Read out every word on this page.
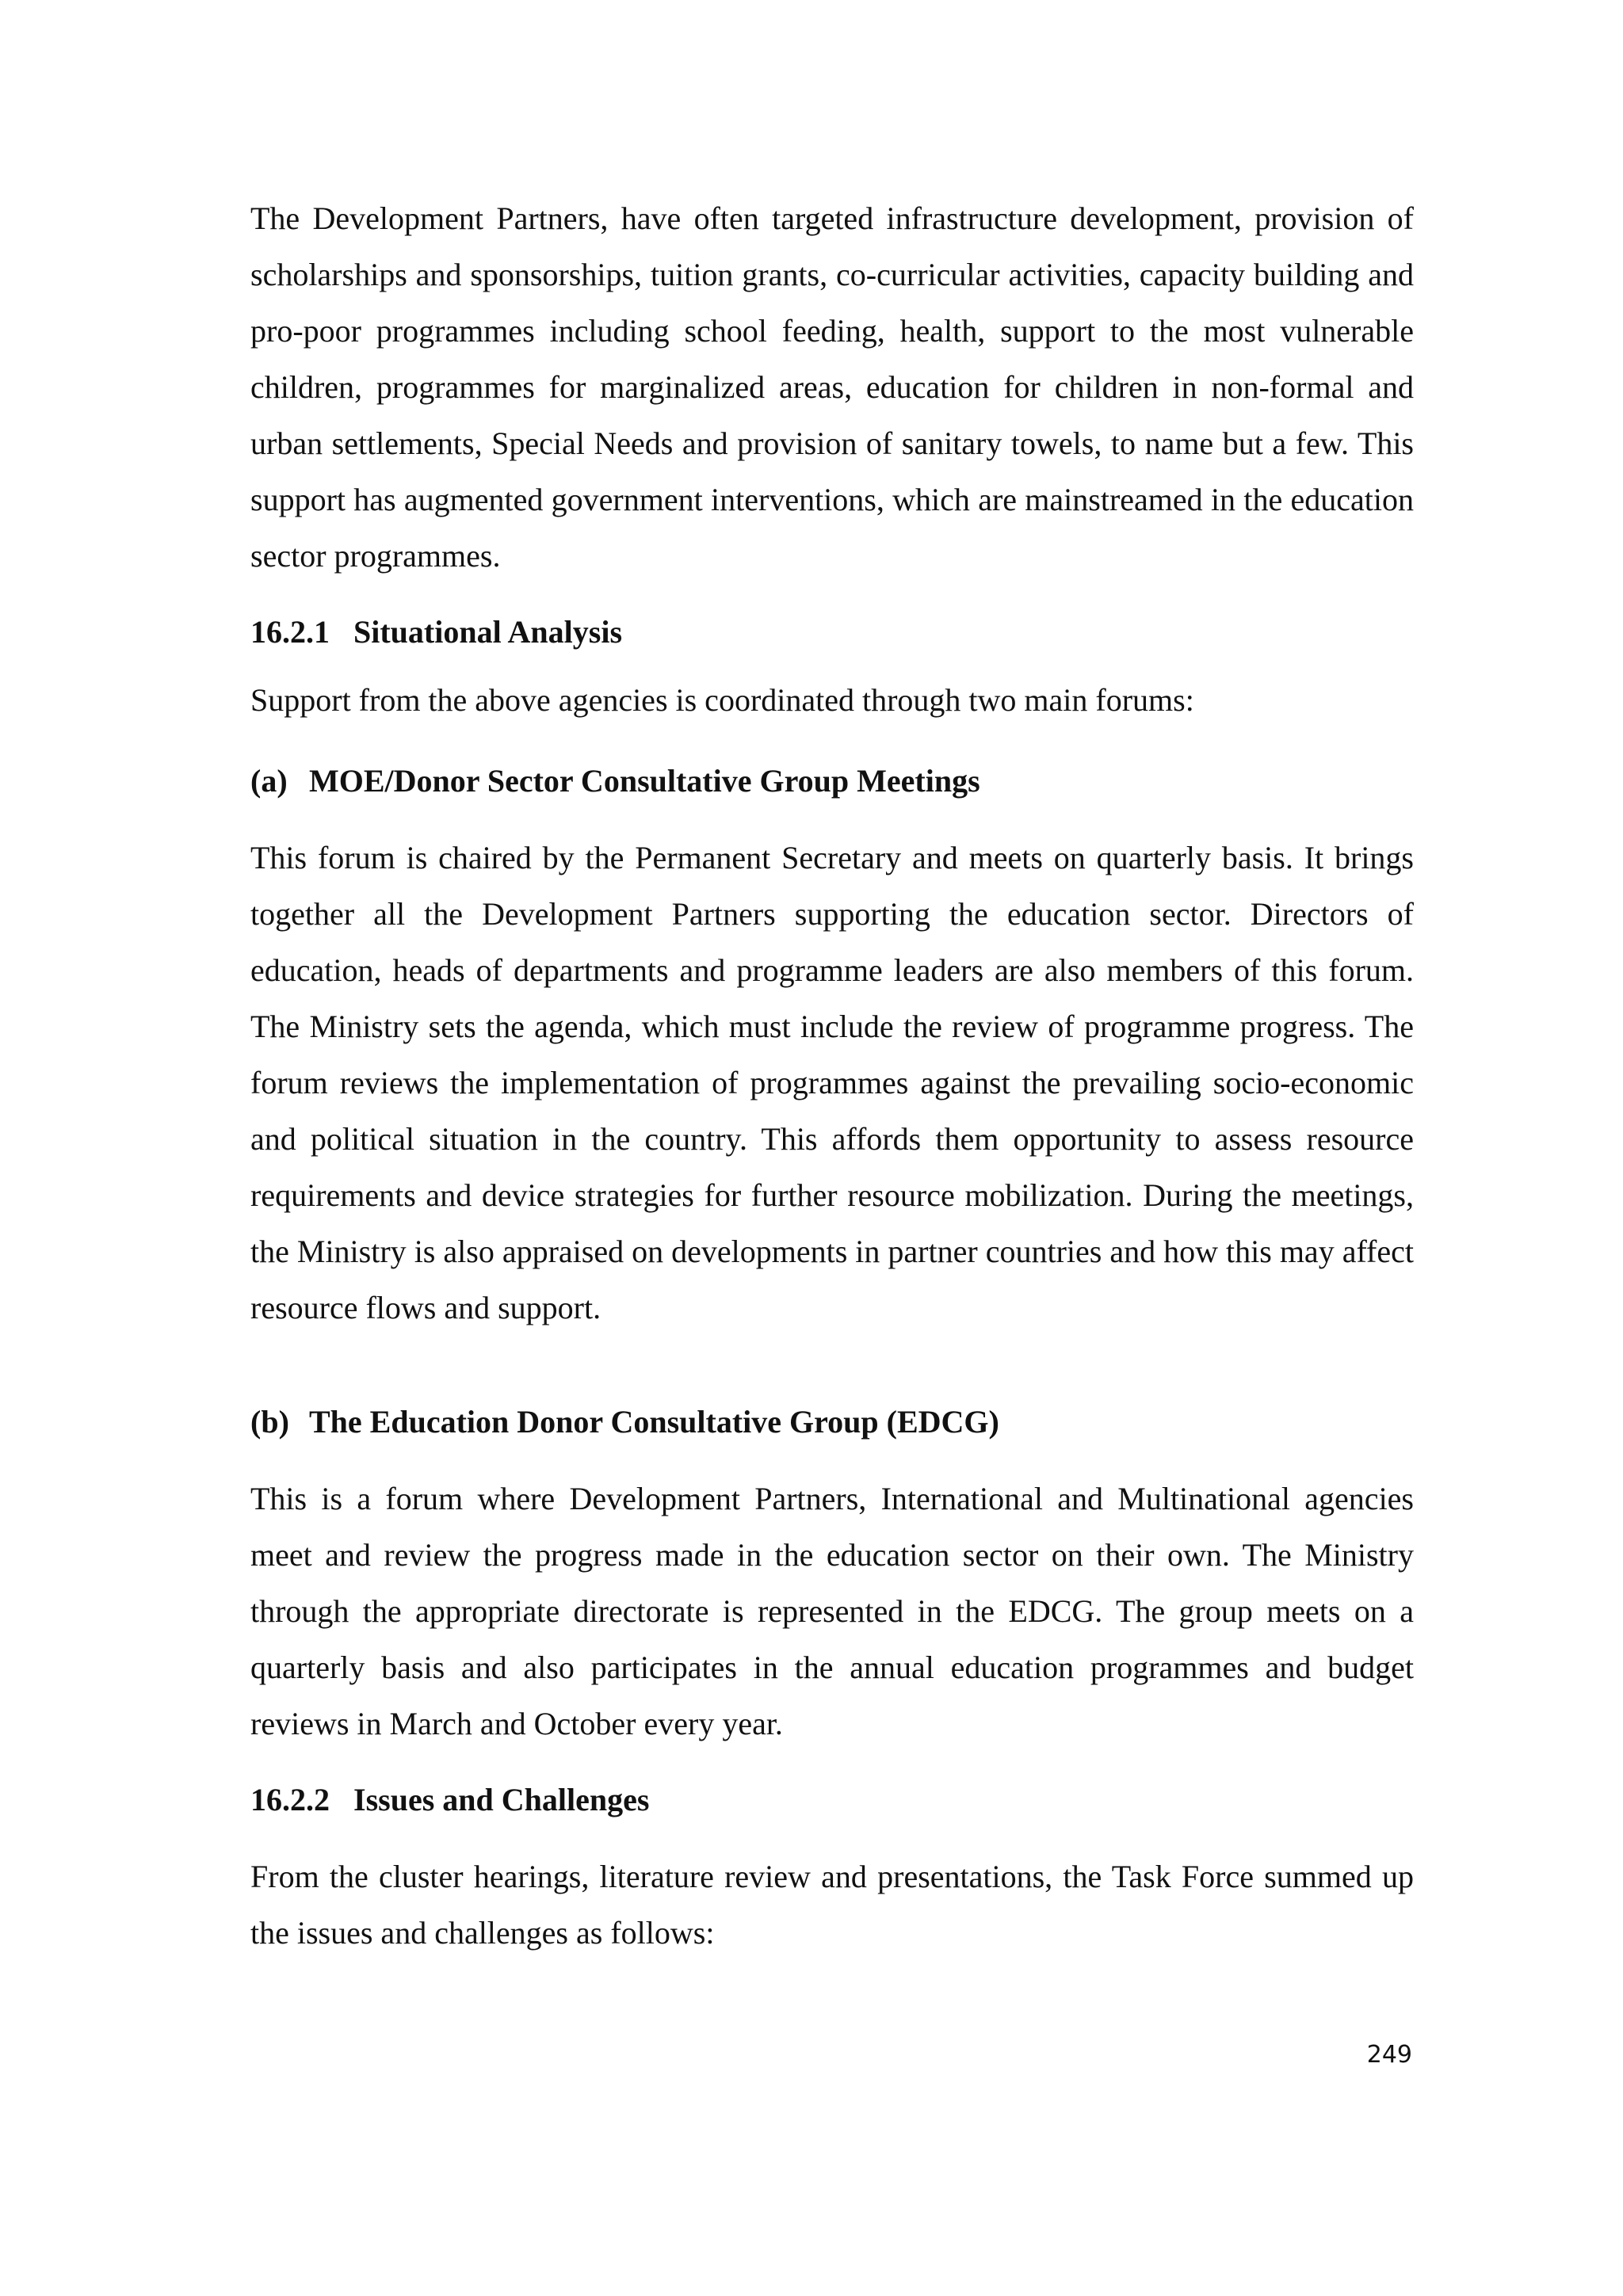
The Development Partners, have often targeted infrastructure development, provision of scholarships and sponsorships, tuition grants, co-curricular activities, capacity building and pro-poor programmes including school feeding, health, support to the most vulnerable children, programmes for marginalized areas, education for children in non-formal and urban settlements, Special Needs and provision of sanitary towels, to name but a few. This support has augmented government interventions, which are mainstreamed in the education sector programmes.

16.2.1 Situational Analysis

Support from the above agencies is coordinated through two main forums:

(a) MOE/Donor Sector Consultative Group Meetings

This forum is chaired by the Permanent Secretary and meets on quarterly basis. It brings together all the Development Partners supporting the education sector. Directors of education, heads of departments and programme leaders are also members of this forum. The Ministry sets the agenda, which must include the review of programme progress. The forum reviews the implementation of programmes against the prevailing socio-economic and political situation in the country. This affords them opportunity to assess resource requirements and device strategies for further resource mobilization. During the meetings, the Ministry is also appraised on developments in partner countries and how this may affect resource flows and support.

(b) The Education Donor Consultative Group (EDCG)

This is a forum where Development Partners, International and Multinational agencies meet and review the progress made in the education sector on their own. The Ministry through the appropriate directorate is represented in the EDCG. The group meets on a quarterly basis and also participates in the annual education programmes and budget reviews in March and October every year.

16.2.2 Issues and Challenges

From the cluster hearings, literature review and presentations, the Task Force summed up the issues and challenges as follows:

249
